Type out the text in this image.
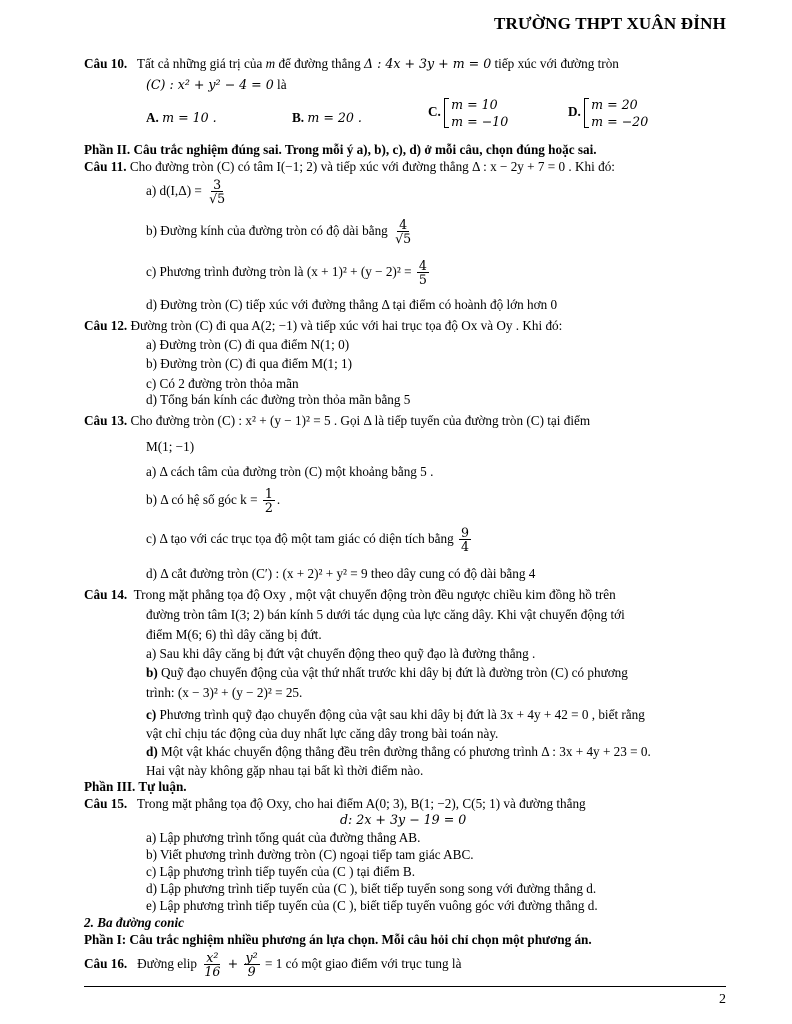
TRƯỜNG THPT XUÂN ĐỈNH
Câu 10. Tất cả những giá trị của m để đường thẳng Δ : 4x + 3y + m = 0 tiếp xúc với đường tròn
(C) : x² + y² − 4 = 0 là
A. m = 10 .	B. m = 20 .	C. m = 10
m = −10
D. m = 20
m = −20
Phần II. Câu trắc nghiệm đúng sai. Trong mỗi ý a), b), c), d) ở mỗi câu, chọn đúng hoặc sai.
Câu 11. Cho đường tròn (C) có tâm I(−1; 2) và tiếp xúc với đường thẳng Δ : x − 2y + 7 = 0 . Khi đó:
a) $d(I,\Delta) = \frac{3}{√5}$
b) Đường kính của đường tròn có độ dài bằng $\frac{4}{√5}$
c) Phương trình đường tròn là $(x + 1)^2 + (y - 2)^2 = \frac{4}{5}$
d) Đường tròn (C) tiếp xúc với đường thẳng Δ tại điểm có hoành độ lớn hơn 0
Câu 12. Đường tròn (C) đi qua A(2; −1) và tiếp xúc với hai trục tọa độ Ox và Oy . Khi đó:
a) Đường tròn (C) đi qua điểm N(1; 0)
b) Đường tròn (C) đi qua điểm M(1; 1)
c) Có 2 đường tròn thỏa mãn
d) Tổng bán kính các đường tròn thỏa mãn bằng 5
Câu 13. Cho đường tròn (C) : x² + (y − 1)² = 5 . Gọi Δ là tiếp tuyến của đường tròn (C) tại điểm
M(1; −1)
a) Δ cách tâm của đường tròn (C) một khoảng bằng 5 .
b) Δ có hệ số góc $k = \frac{1}{2}$ .
c) Δ tạo với các trục tọa độ một tam giác có diện tích bằng $\frac{9}{4}$
d) Δ cắt đường tròn (C′) : (x + 2)² + y² = 9 theo dây cung có độ dài bằng 4
Câu 14. Trong mặt phẳng tọa độ Oxy , một vật chuyển động tròn đều ngược chiều kim đồng hồ trên
đường tròn tâm I(3; 2) bán kính 5 dưới tác dụng của lực căng dây. Khi vật chuyển động tới
điểm M(6; 6) thì dây căng bị đứt.
a) Sau khi dây căng bị đứt vật chuyển động theo quỹ đạo là đường thẳng .
b) Quỹ đạo chuyển động của vật thứ nhất trước khi dây bị đứt là đường tròn (C) có phương
trình: (x − 3)² + (y − 2)² = 25.
c) Phương trình quỹ đạo chuyển động của vật sau khi dây bị đứt là 3x + 4y + 42 = 0 , biết rằng
vật chỉ chịu tác động của duy nhất lực căng dây trong bài toán này.
d) Một vật khác chuyển động thẳng đều trên đường thẳng có phương trình Δ : 3x + 4y + 23 = 0.
Hai vật này không gặp nhau tại bất kì thời điểm nào.
Phần III. Tự luận.
Câu 15. Trong mặt phẳng tọa độ Oxy, cho hai điểm A(0; 3), B(1; −2), C(5; 1) và đường thẳng
d: 2x + 3y − 19 = 0
a) Lập phương trình tổng quát của đường thẳng AB.
b) Viết phương trình đường tròn (C) ngoại tiếp tam giác ABC.
c) Lập phương trình tiếp tuyến của (C ) tại điểm B.
d) Lập phương trình tiếp tuyến của (C ), biết tiếp tuyến song song với đường thẳng d.
e) Lập phương trình tiếp tuyến của (C ), biết tiếp tuyến vuông góc với đường thẳng d.
2. Ba đường conic
Phần I: Câu trắc nghiệm nhiều phương án lựa chọn. Mỗi câu hỏi chỉ chọn một phương án.
Câu 16. Đường elip $\frac{\text{x²}}{16} + \frac{\text{y²}}{9} = 1$ có một giao điểm với trục tung là
2
